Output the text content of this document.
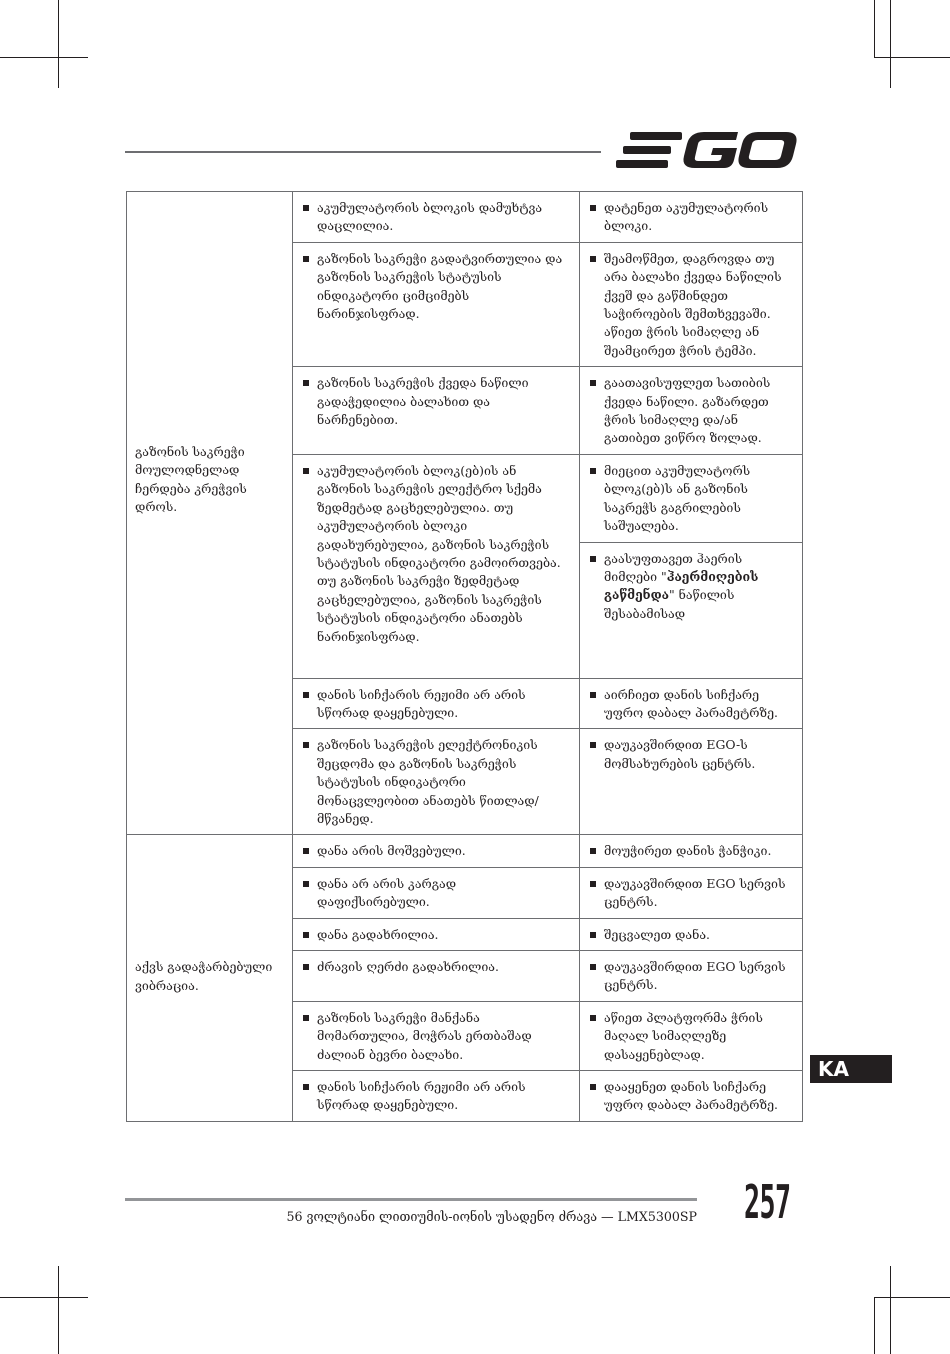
გაზონის საკრეჭი მოულოდნელად ჩერდება კრეჭვის დროს.	აკუმულატორის ბლოკის დამუხტვა დაცლილია.	დატენეთ აკუმულატორის ბლოკი.

	გაზონის საკრეჭი გადატვირთულია და გაზონის საკრეჭის სტატუსის ინდიკატორი ციმციმებს ნარინჯისფრად.	შეამოწმეთ, დაგროვდა თუ არა ბალახი ქვედა ნაწილის ქვეშ და გაწმინდეთ საჭიროების შემთხვევაში. აწიეთ ჭრის სიმაღლე ან შეამცირეთ ჭრის ტემპი.

	გაზონის საკრეჭის ქვედა ნაწილი გადაჭედილია ბალახით და ნარჩენებით.	გაათავისუფლეთ სათიბის ქვედა ნაწილი. გაზარდეთ ჭრის სიმაღლე და/ან გათიბეთ ვიწრო ზოლად.

	აკუმულატორის ბლოკ(ებ)ის ან გაზონის საკრეჭის ელექტრო სქემა ზედმეტად გაცხელებულია. თუ აკუმულატორის ბლოკი გადახურებულია, გაზონის საკრეჭის სტატუსის ინდიკატორი გამოირთვება. თუ გაზონის საკრეჭი ზედმეტად გაცხელებულია, გაზონის საკრეჭის სტატუსის ინდიკატორი ანათებს ნარინჯისფრად.	მიეცით აკუმულატორს ბლოკ(ებ)ს ან გაზონის საკრეჭს გაგრილების საშუალება.

		გაასუფთავეთ ჰაერის მიმღები "ჰაერმიღების გაწმენდა" ნაწილის შესაბამისად

	დანის სიჩქარის რეჟიმი არ არის სწორად დაყენებული.	აირჩიეთ დანის სიჩქარე უფრო დაბალ პარამეტრზე.

	გაზონის საკრეჭის ელექტრონიკის შეცდომა და გაზონის საკრეჭის სტატუსის ინდიკატორი მონაცვლეობით ანათებს წითლად/მწვანედ.	დაუკავშირდით EGO-ს მომსახურების ცენტრს.

აქვს გადაჭარბებული ვიბრაცია.	დანა არის მოშვებული.	მოუჭირეთ დანის ჭანჭიკი.

	დანა არ არის კარგად დაფიქსირებული.	დაუკავშირდით EGO სერვის ცენტრს.

	დანა გადახრილია.	შეცვალეთ დანა.

	ძრავის ღერძი გადახრილია.	დაუკავშირდით EGO სერვის ცენტრს.

	გაზონის საკრეჭი მანქანა მომართულია, მოჭრას ერთბაშად ძალიან ბევრი ბალახი.	აწიეთ პლატფორმა ჭრის მაღალ სიმაღლეზე დასაყენებლად.

	დანის სიჩქარის რეჟიმი არ არის სწორად დაყენებული.	დააყენეთ დანის სიჩქარე უფრო დაბალ პარამეტრზე.
KA
56 ვოლტიანი ლითიუმის-იონის უსადენო ძრავა — LMX5300SP 257
